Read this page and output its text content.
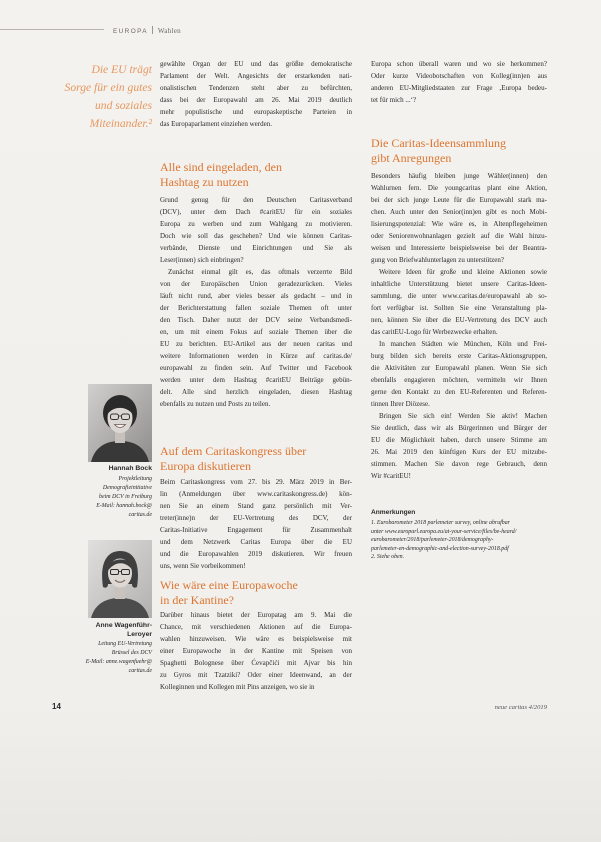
EUROPA Wahlen
Die EU trägt
Sorge für ein gutes
und soziales
Miteinander.²
Hannah Bock
Projektleitung
Demografieinitiative
beim DCV in Freiburg
E-Mail: hannah.bock@
caritas.de
Anne Wagenführ-
Leroyer
Leitung EU-Vertretung
Brüssel des DCV
E-Mail: anne.wagenfuehr@
caritas.de
gewählte Organ der EU und das größte demokratische
Parlament der Welt. Angesichts der erstarkenden nati-
onalistischen Tendenzen steht aber zu befürchten,
dass bei der Europawahl am 26. Mai 2019 deutlich
mehr populistische und europaskeptische Parteien in
das Europaparlament einziehen werden.
Alle sind eingeladen, den
Hashtag zu nutzen
Grund genug für den Deutschen Caritasverband
(DCV), unter dem Dach #caritEU für ein soziales
Europa zu werben und zum Wahlgang zu motivieren.
Doch wie soll das geschehen? Und wie können Caritas-
verbände, Dienste und Einrichtungen und Sie als
Leser(innen) sich einbringen?
Zunächst einmal gilt es, das oftmals verzerrte Bild
von der Europäischen Union geradezurücken. Vieles
läuft nicht rund, aber vieles besser als gedacht – und in
der Berichterstattung fallen soziale Themen oft unter
den Tisch. Daher nutzt der DCV seine Verbandsmedi-
en, um mit einem Fokus auf soziale Themen über die
EU zu berichten. EU-Artikel aus der neuen caritas und
weitere Informationen werden in Kürze auf caritas.de/
europawahl zu finden sein. Auf Twitter und Facebook
werden unter dem Hashtag #caritEU Beiträge gebün-
delt. Alle sind herzlich eingeladen, diesen Hashtag
ebenfalls zu nutzen und Posts zu teilen.
Auf dem Caritaskongress über
Europa diskutieren
Beim Caritaskongress vom 27. bis 29. März 2019 in Ber-
lin (Anmeldungen über www.caritaskongress.de) kön-
nen Sie an einem Stand ganz persönlich mit Ver-
treter(inne)n der EU-Vertretung des DCV, der
Caritas-Initiative Engagement für Zusammenhalt
und dem Netzwerk Caritas Europa über die EU
und die Europawahlen 2019 diskutieren. Wir freuen
uns, wenn Sie vorbeikommen!
Wie wäre eine Europawoche
in der Kantine?
Darüber hinaus bietet der Europatag am 9. Mai die
Chance, mit verschiedenen Aktionen auf die Europa-
wahlen hinzuweisen. Wie wäre es beispielsweise mit
einer Europawoche in der Kantine mit Speisen von
Spaghetti Bolognese über Ćevapčići mit Ajvar bis hin
zu Gyros mit Tzatziki? Oder einer Ideenwand, an der
Kolleginnen und Kollegen mit Pins anzeigen, wo sie in
Europa schon überall waren und wo sie herkommen?
Oder kurze Videobotschaften von Kolleg(inn)en aus
anderen EU-Mitgliedstaaten zur Frage ‚Europa bedeu-
tet für mich ...‘?
Die Caritas-Ideensammlung
gibt Anregungen
Besonders häufig bleiben junge Wähler(innen) den
Wahlurnen fern. Die youngcaritas plant eine Aktion,
bei der sich junge Leute für die Europawahl stark ma-
chen. Auch unter den Senior(inn)en gibt es noch Mobi-
lisierungspotenzial: Wie wäre es, in Altenpflegeheimen
oder Seniorenwohnanlagen gezielt auf die Wahl hinzu-
weisen und Interessierte beispielsweise bei der Beantra-
gung von Briefwahlunterlagen zu unterstützen?
Weitere Ideen für große und kleine Aktionen sowie
inhaltliche Unterstützung bietet unsere Caritas-Ideen-
sammlung, die unter www.caritas.de/europawahl ab so-
fort verfügbar ist. Sollten Sie eine Veranstaltung pla-
nen, können Sie über die EU-Vertretung des DCV auch
das caritEU-Logo für Werbezwecke erhalten.
In manchen Städten wie München, Köln und Frei-
burg bilden sich bereits erste Caritas-Aktionsgruppen,
die Aktivitäten zur Europawahl planen. Wenn Sie sich
ebenfalls engagieren möchten, vermitteln wir Ihnen
gerne den Kontakt zu den EU-Referenten und Referen-
tinnen Ihrer Diözese.
Bringen Sie sich ein! Werden Sie aktiv! Machen
Sie deutlich, dass wir als Bürgerinnen und Bürger der
EU die Möglichkeit haben, durch unsere Stimme am
26. Mai 2019 den künftigen Kurs der EU mitzube-
stimmen. Machen Sie davon rege Gebrauch, denn
Wir #caritEU!
Anmerkungen
1. Eurobarometer 2018 parlemeter survey, online abrufbar
unter www.europarl.europa.eu/at-your-service/files/be-heard/
eurobarometer/2018/parlemeter-2018/demography-
parlemeter-en-demographic-and-election-survey-2018.pdf
2. Siehe oben.
14	neue caritas 4/2019
